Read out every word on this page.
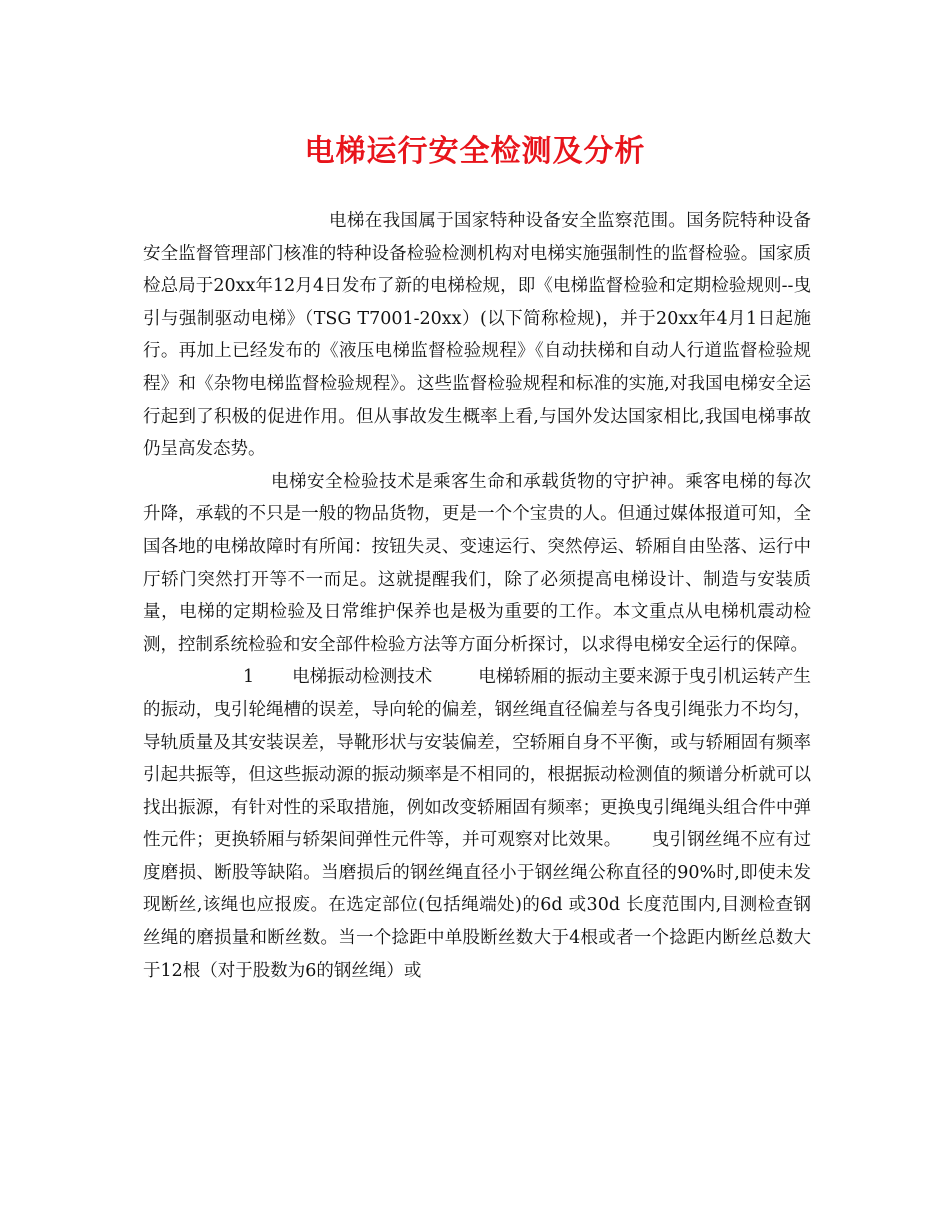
电梯运行安全检测及分析

电梯在我国属于国家特种设备安全监察范围。国务院特种设备安全监督管理部门核准的特种设备检验检测机构对电梯实施强制性的监督检验。国家质检总局于20xx年12月4日发布了新的电梯检规，即《电梯监督检验和定期检验规则--曳引与强制驱动电梯》（TSG T7001-20xx）(以下简称检规)，并于20xx年4月1日起施行。再加上已经发布的《液压电梯监督检验规程》《自动扶梯和自动人行道监督检验规程》和《杂物电梯监督检验规程》。这些监督检验规程和标准的实施,对我国电梯安全运行起到了积极的促进作用。但从事故发生概率上看,与国外发达国家相比,我国电梯事故仍呈高发态势。

电梯安全检验技术是乘客生命和承载货物的守护神。乘客电梯的每次升降，承载的不只是一般的物品货物，更是一个个宝贵的人。但通过媒体报道可知，全国各地的电梯故障时有所闻：按钮失灵、变速运行、突然停运、轿厢自由坠落、运行中厅轿门突然打开等不一而足。这就提醒我们，除了必须提高电梯设计、制造与安装质量，电梯的定期检验及日常维护保养也是极为重要的工作。本文重点从电梯机震动检测，控制系统检验和安全部件检验方法等方面分析探讨，以求得电梯安全运行的保障。

1 电梯振动检测技术	电梯轿厢的振动主要来源于曳引机运转产生的振动，曳引轮绳槽的误差，导向轮的偏差，钢丝绳直径偏差与各曳引绳张力不均匀，导轨质量及其安装误差，导靴形状与安装偏差，空轿厢自身不平衡，或与轿厢固有频率引起共振等，但这些振动源的振动频率是不相同的，根据振动检测值的频谱分析就可以找出振源，有针对性的采取措施，例如改变轿厢固有频率；更换曳引绳绳头组合件中弹性元件；更换轿厢与轿架间弹性元件等，并可观察对比效果。 曳引钢丝绳不应有过度磨损、断股等缺陷。当磨损后的钢丝绳直径小于钢丝绳公称直径的90%时,即使未发现断丝,该绳也应报废。在选定部位(包括绳端处)的6d 或30d 长度范围内,目测检查钢丝绳的磨损量和断丝数。当一个捻距中单股断丝数大于4根或者一个捻距内断丝总数大于12根（对于股数为6的钢丝绳）或
